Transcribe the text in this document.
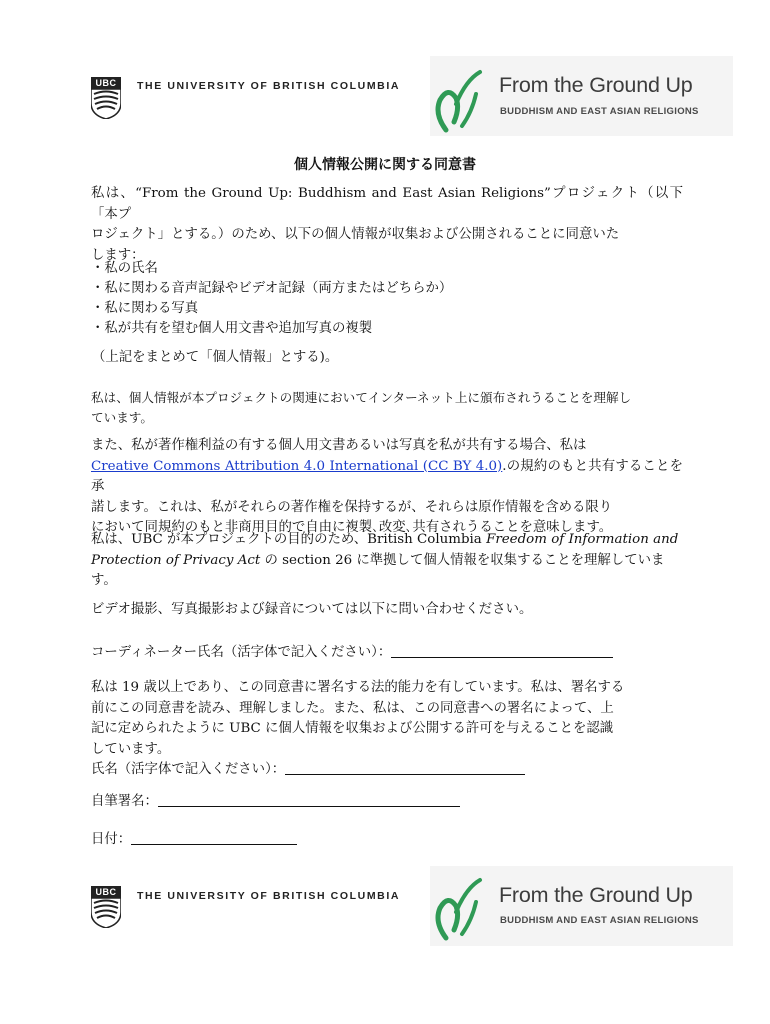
UBC THE UNIVERSITY OF BRITISH COLUMBIA	From the Ground Up
BUDDHISM AND EAST ASIAN RELIGIONS
個人情報公開に関する同意書
私は、“From the Ground Up: Buddhism and East Asian Religions”プロジェクト（以下「本プ
ロジェクト」とする。）のため、以下の個人情報が収集および公開されることに同意いた
します：
・私の氏名
・私に関わる音声記録やビデオ記録（両方またはどちらか）
・私に関わる写真
・私が共有を望む個人用文書や追加写真の複製
（上記をまとめて「個人情報」とする)。
私は、個人情報が本プロジェクトの関連においてインターネット上に頒布されうることを理解し
ています。
また、私が著作権利益の有する個人用文書あるいは写真を私が共有する場合、私は
Creative Commons Attribution 4.0 International (CC BY 4.0).の規約のもと共有することを承
諾します。これは、私がそれらの著作権を保持するが、それらは原作情報を含める限り
において同規約のもと非商用目的で自由に複製､改変､共有されうることを意味します。
私は、UBC が本プロジェクトの目的のため、British Columbia Freedom of Information and
Protection of Privacy Act の section 26 に準拠して個人情報を収集することを理解していま
す。
ビデオ撮影、写真撮影および録音については以下に問い合わせください。
コーディネーター氏名（活字体で記入ください）：
私は 19 歳以上であり、この同意書に署名する法的能力を有しています。私は、署名する
前にこの同意書を読み、理解しました。また、私は、この同意書への署名によって、上
記に定められたように UBC に個人情報を収集および公開する許可を与えることを認識
しています。
氏名（活字体で記入ください）：
自筆署名：
日付：
UBC THE UNIVERSITY OF BRITISH COLUMBIA	From the Ground Up
BUDDHISM AND EAST ASIAN RELIGIONS
